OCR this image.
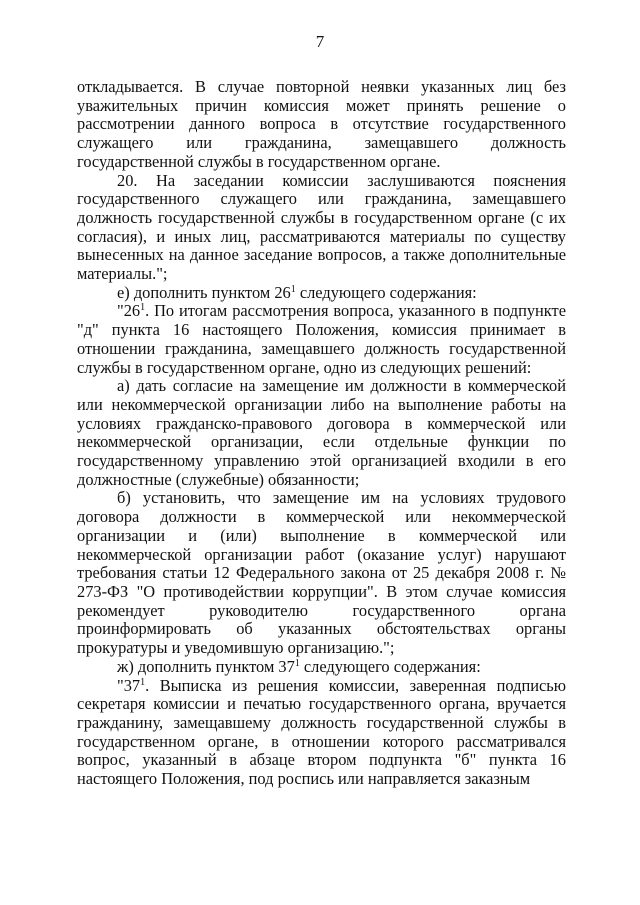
7

откладывается. В случае повторной неявки указанных лиц без уважительных причин комиссия может принять решение о рассмотрении данного вопроса в отсутствие государственного служащего или гражданина, замещавшего должность государственной службы в государственном органе.

20. На заседании комиссии заслушиваются пояснения государственного служащего или гражданина, замещавшего должность государственной службы в государственном органе (с их согласия), и иных лиц, рассматриваются материалы по существу вынесенных на данное заседание вопросов, а также дополнительные материалы.";

е) дополнить пунктом $26^1$ следующего содержания:

"$26^1$. По итогам рассмотрения вопроса, указанного в подпункте "д" пункта 16 настоящего Положения, комиссия принимает в отношении гражданина, замещавшего должность государственной службы в государственном органе, одно из следующих решений:

а) дать согласие на замещение им должности в коммерческой или некоммерческой организации либо на выполнение работы на условиях гражданско-правового договора в коммерческой или некоммерческой организации, если отдельные функции по государственному управлению этой организацией входили в его должностные (служебные) обязанности;

б) установить, что замещение им на условиях трудового договора должности в коммерческой или некоммерческой организации и (или) выполнение в коммерческой или некоммерческой организации работ (оказание услуг) нарушают требования статьи 12 Федерального закона от 25 декабря 2008 г. № 273-ФЗ "О противодействии коррупции". В этом случае комиссия рекомендует руководителю государственного органа проинформировать об указанных обстоятельствах органы прокуратуры и уведомившую организацию.";

ж) дополнить пунктом $37^1$ следующего содержания:

"$37^1$. Выписка из решения комиссии, заверенная подписью секретаря комиссии и печатью государственного органа, вручается гражданину, замещавшему должность государственной службы в государственном органе, в отношении которого рассматривался вопрос, указанный в абзаце втором подпункта "б" пункта 16 настоящего Положения, под роспись или направляется заказным
